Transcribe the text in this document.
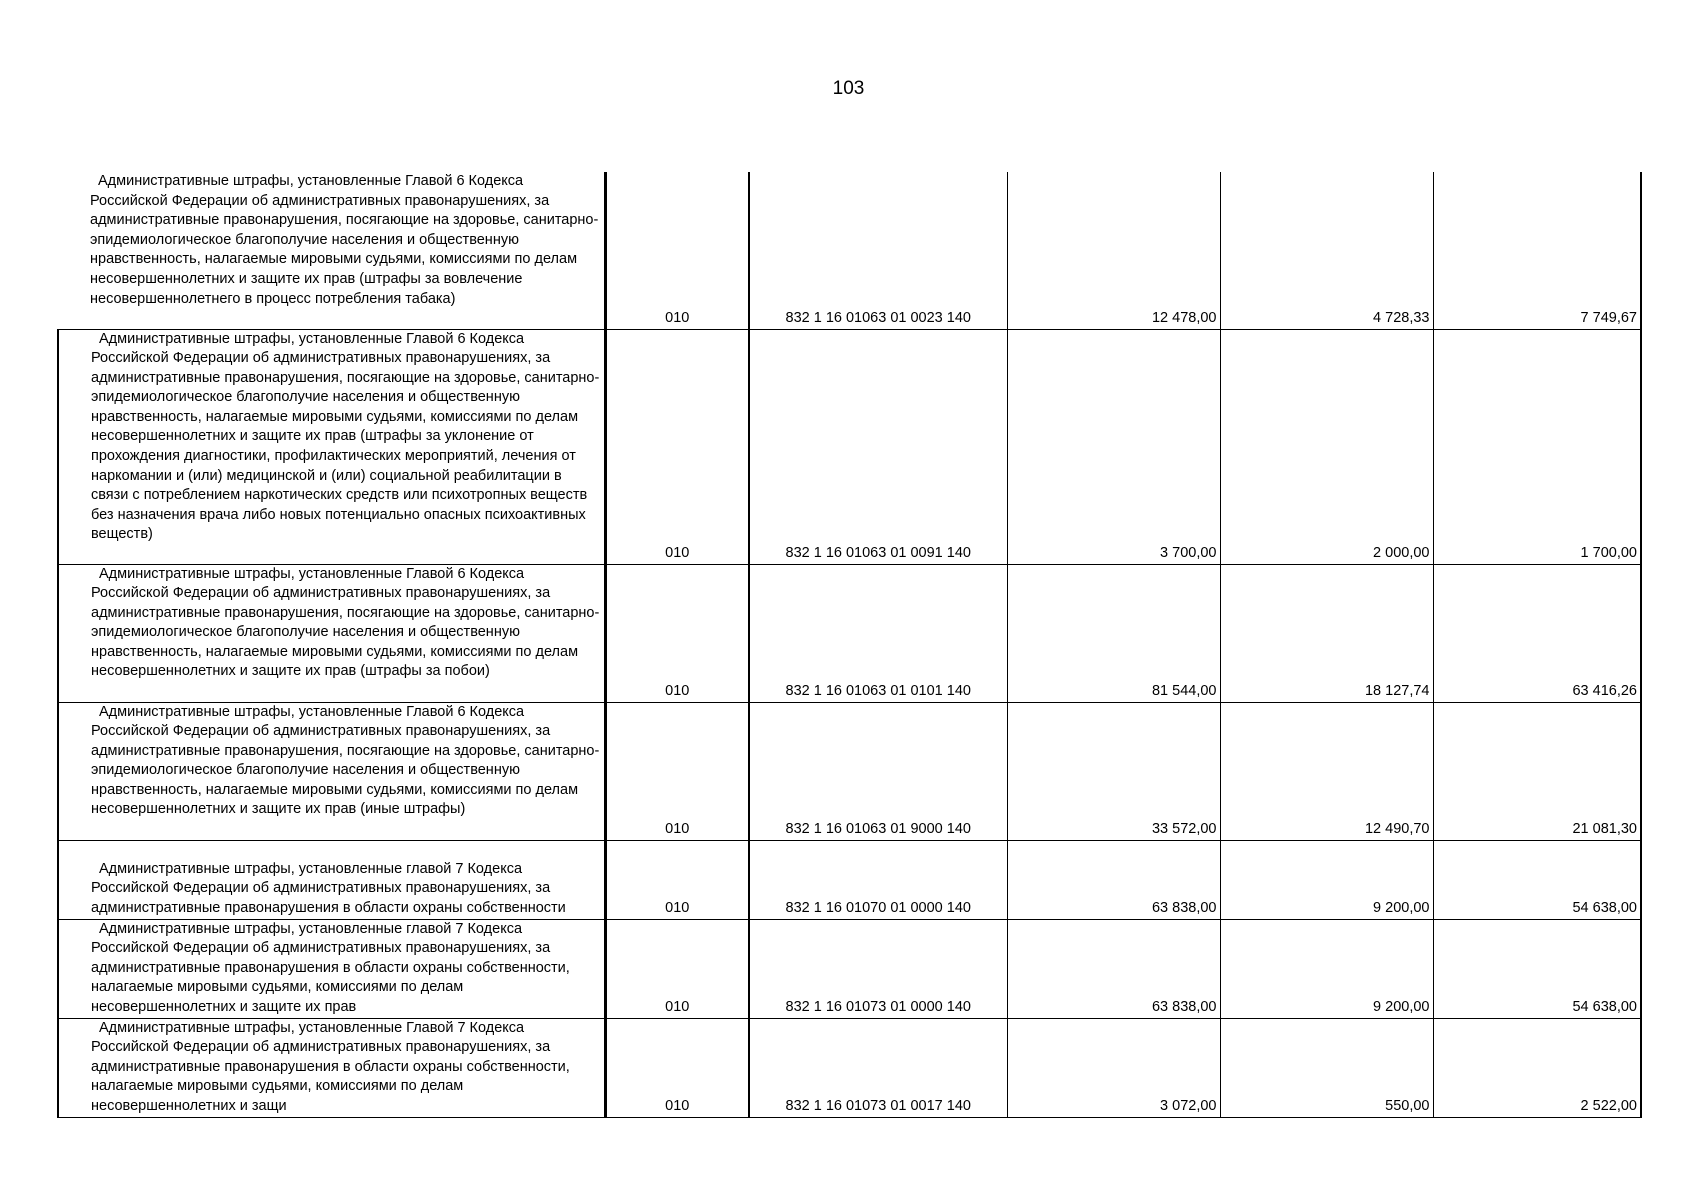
103
Административные штрафы, установленные Главой 6 Кодекса Российской Федерации об административных правонарушениях, за административные правонарушения, посягающие на здоровье, санитарно-эпидемиологическое благополучие населения и общественную нравственность, налагаемые мировыми судьями, комиссиями по делам несовершеннолетних и защите их прав (штрафы за вовлечение несовершеннолетнего в процесс потребления табака)	010	832 1 16 01063 01 0023 140	12 478,00	4 728,33	7 749,67
Административные штрафы, установленные Главой 6 Кодекса Российской Федерации об административных правонарушениях, за административные правонарушения, посягающие на здоровье, санитарно-эпидемиологическое благополучие населения и общественную нравственность, налагаемые мировыми судьями, комиссиями по делам несовершеннолетних и защите их прав (штрафы за уклонение от прохождения диагностики, профилактических мероприятий, лечения от наркомании и (или) медицинской и (или) социальной реабилитации в связи с потреблением наркотических средств или психотропных веществ без назначения врача либо новых потенциально опасных психоактивных веществ)	010	832 1 16 01063 01 0091 140	3 700,00	2 000,00	1 700,00
Административные штрафы, установленные Главой 6 Кодекса Российской Федерации об административных правонарушениях, за административные правонарушения, посягающие на здоровье, санитарно-эпидемиологическое благополучие населения и общественную нравственность, налагаемые мировыми судьями, комиссиями по делам несовершеннолетних и защите их прав (штрафы за побои)	010	832 1 16 01063 01 0101 140	81 544,00	18 127,74	63 416,26
Административные штрафы, установленные Главой 6 Кодекса Российской Федерации об административных правонарушениях, за административные правонарушения, посягающие на здоровье, санитарно-эпидемиологическое благополучие населения и общественную нравственность, налагаемые мировыми судьями, комиссиями по делам несовершеннолетних и защите их прав (иные штрафы)	010	832 1 16 01063 01 9000 140	33 572,00	12 490,70	21 081,30
Административные штрафы, установленные главой 7 Кодекса Российской Федерации об административных правонарушениях, за административные правонарушения в области охраны собственности	010	832 1 16 01070 01 0000 140	63 838,00	9 200,00	54 638,00
Административные штрафы, установленные главой 7 Кодекса Российской Федерации об административных правонарушениях, за административные правонарушения в области охраны собственности, налагаемые мировыми судьями, комиссиями по делам несовершеннолетних и защите их прав	010	832 1 16 01073 01 0000 140	63 838,00	9 200,00	54 638,00
Административные штрафы, установленные Главой 7 Кодекса Российской Федерации об административных правонарушениях, за административные правонарушения в области охраны собственности, налагаемые мировыми судьями, комиссиями по делам несовершеннолетних и защи	010	832 1 16 01073 01 0017 140	3 072,00	550,00	2 522,00
